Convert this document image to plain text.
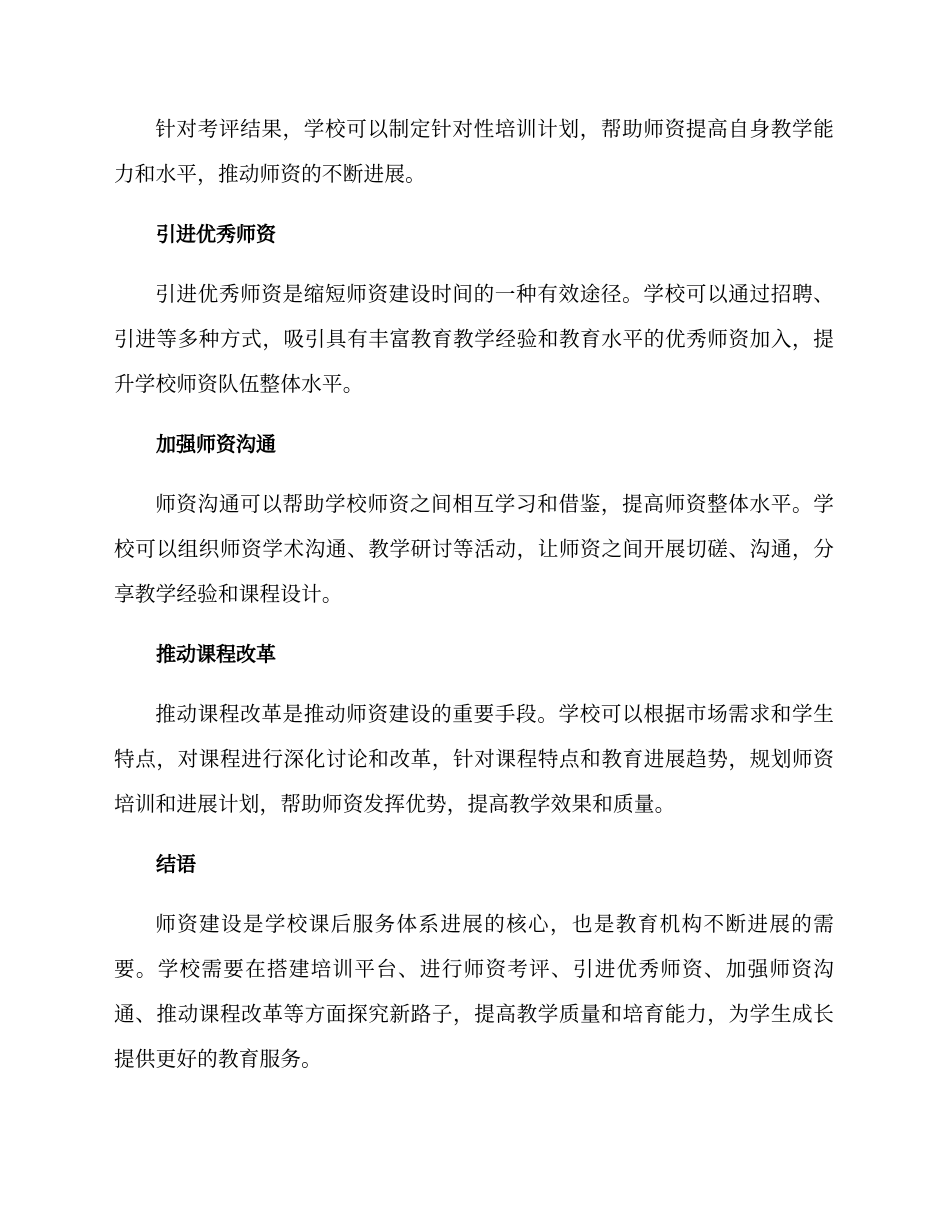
针对考评结果，学校可以制定针对性培训计划，帮助师资提高自身教学能力和水平，推动师资的不断进展。

引进优秀师资

引进优秀师资是缩短师资建设时间的一种有效途径。学校可以通过招聘、引进等多种方式，吸引具有丰富教育教学经验和教育水平的优秀师资加入，提升学校师资队伍整体水平。

加强师资沟通

师资沟通可以帮助学校师资之间相互学习和借鉴，提高师资整体水平。学校可以组织师资学术沟通、教学研讨等活动，让师资之间开展切磋、沟通，分享教学经验和课程设计。

推动课程改革

推动课程改革是推动师资建设的重要手段。学校可以根据市场需求和学生特点，对课程进行深化讨论和改革，针对课程特点和教育进展趋势，规划师资培训和进展计划，帮助师资发挥优势，提高教学效果和质量。

结语

师资建设是学校课后服务体系进展的核心，也是教育机构不断进展的需要。学校需要在搭建培训平台、进行师资考评、引进优秀师资、加强师资沟通、推动课程改革等方面探究新路子，提高教学质量和培育能力，为学生成长提供更好的教育服务。
